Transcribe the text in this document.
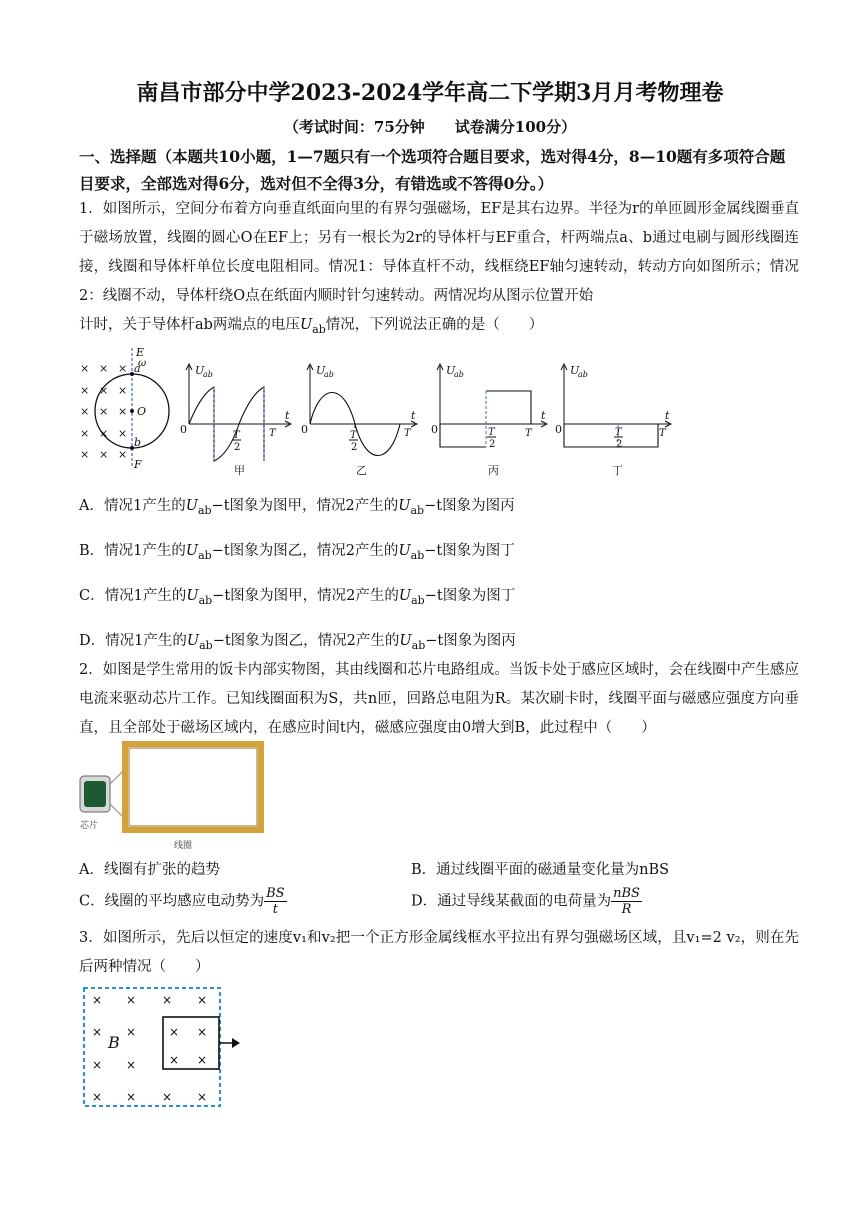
南昌市部分中学2023-2024学年高二下学期3月月考物理卷
（考试时间：75分钟　　试卷满分100分）
一、选择题（本题共10小题，1—7题只有一个选项符合题目要求，选对得4分，8—10题有多项符合题目要求，全部选对得6分，选对但不全得3分，有错选或不答得0分。）
1．如图所示，空间分布着方向垂直纸面向里的有界匀强磁场，EF是其右边界。半径为r的单匝圆形金属线圈垂直于磁场放置，线圈的圆心O在EF上；另有一根长为2r的导体杆与EF重合，杆两端点a、b通过电刷与圆形线圈连接，线圈和导体杆单位长度电阻相同。情况1：导体直杆不动，线框绕EF轴匀速转动，转动方向如图所示；情况2：线圈不动，导体杆绕O点在纸面内顺时针匀速转动。两情况均从图示位置开始
计时，关于导体杆ab两端点的电压$U_{ab}$情况，下列说法正确的是（　　）
× × ×
× × ×
× × ×
× × ×
× × ×
E
a
ω
O
b
F
U
ab
0
t
T
2
T
甲
U
ab
0
t
T
2
T
乙
U
ab
0
t
T
2
T
丙
U
ab
0
t
T
2
T
丁
A．情况1产生的$U_{ab}-t$图象为图甲，情况2产生的$U_{ab}-t$图象为图丙
B．情况1产生的$U_{ab}-t$图象为图乙，情况2产生的$U_{ab}-t$图象为图丁
C．情况1产生的$U_{ab}-t$图象为图甲，情况2产生的$U_{ab}-t$图象为图丁
D．情况1产生的$U_{ab}-t$图象为图乙，情况2产生的$U_{ab}-t$图象为图丙
2．如图是学生常用的饭卡内部实物图，其由线圈和芯片电路组成。当饭卡处于感应区域时，会在线圈中产生感应电流来驱动芯片工作。已知线圈面积为S，共n匝，回路总电阻为R。某次刷卡时，线圈平面与磁感应强度方向垂直，且全部处于磁场区域内，在感应时间t内，磁感应强度由0增大到B，此过程中（　　）
芯片
线圈
A．线圈有扩张的趋势	B．通过线圈平面的磁通量变化量为nBS
C．线圈的平均感应电动势为 $\frac{BS}{t}$	D．通过导线某截面的电荷量为 $\frac{\text{nBS}}{R}$
3．如图所示，先后以恒定的速度v₁和v₂把一个正方形金属线框水平拉出有界匀强磁场区域，且v₁=2 v₂，则在先后两种情况（　　）
× × × ×
× ×
× ×
× × × ×
× ×
× ×
B
